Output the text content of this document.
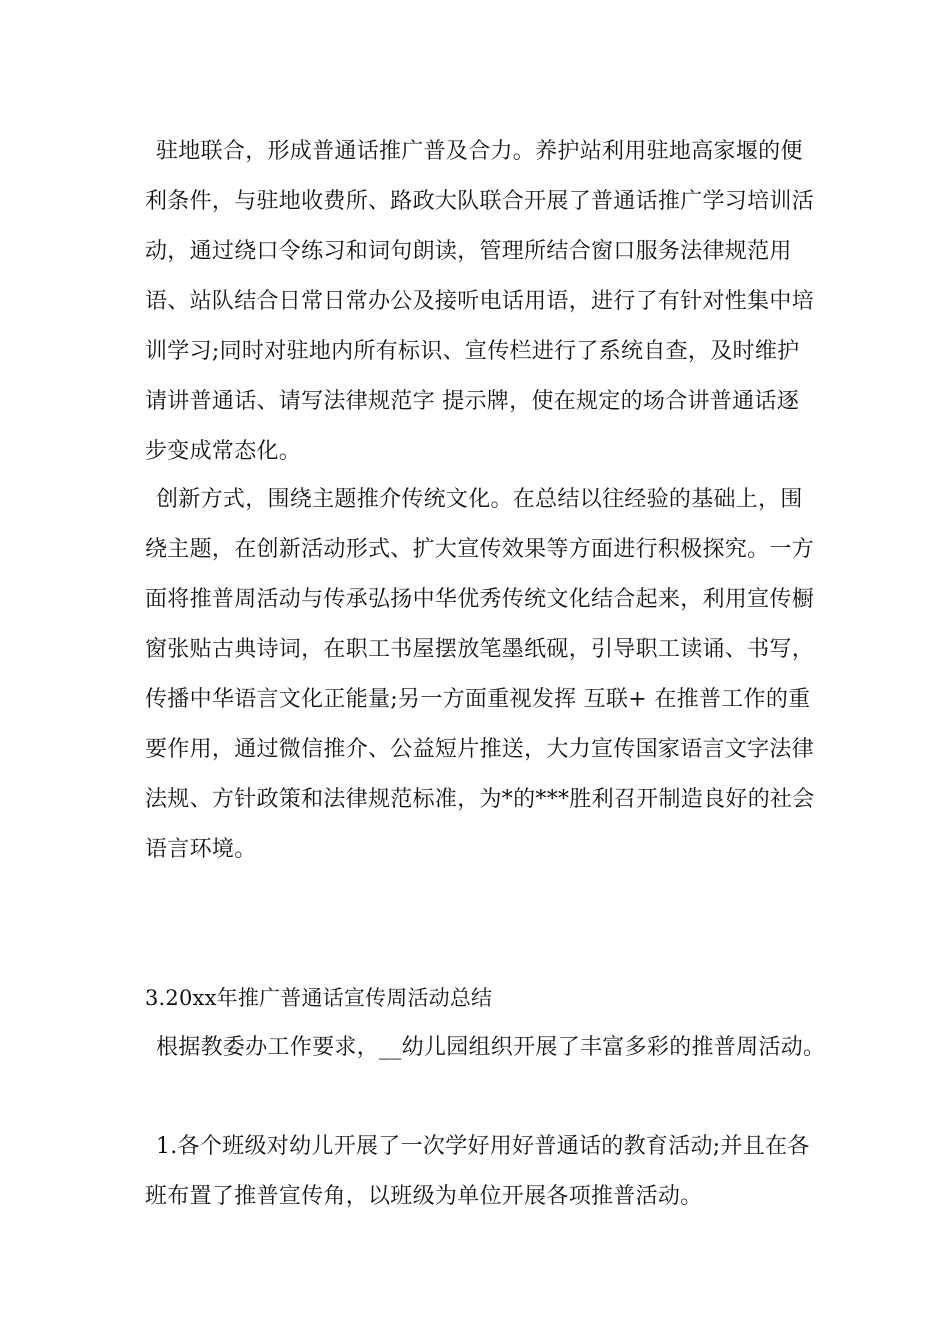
驻地联合，形成普通话推广普及合力。养护站利用驻地高家堰的便利条件，与驻地收费所、路政大队联合开展了普通话推广学习培训活动，通过绕口令练习和词句朗读，管理所结合窗口服务法律规范用语、站队结合日常日常办公及接听电话用语，进行了有针对性集中培训学习;同时对驻地内所有标识、宣传栏进行了系统自查，及时维护 请讲普通话、请写法律规范字 提示牌，使在规定的场合讲普通话逐步变成常态化。

创新方式，围绕主题推介传统文化。在总结以往经验的基础上，围绕主题，在创新活动形式、扩大宣传效果等方面进行积极探究。一方面将推普周活动与传承弘扬中华优秀传统文化结合起来，利用宣传橱窗张贴古典诗词，在职工书屋摆放笔墨纸砚，引导职工读诵、书写，传播中华语言文化正能量;另一方面重视发挥 互联+ 在推普工作的重要作用，通过微信推介、公益短片推送，大力宣传国家语言文字法律法规、方针政策和法律规范标准，为*的***胜利召开制造良好的社会语言环境。

3.20xx年推广普通话宣传周活动总结

根据教委办工作要求，__幼儿园组织开展了丰富多彩的推普周活动。

1.各个班级对幼儿开展了一次学好用好普通话的教育活动;并且在各班布置了推普宣传角，以班级为单位开展各项推普活动。
